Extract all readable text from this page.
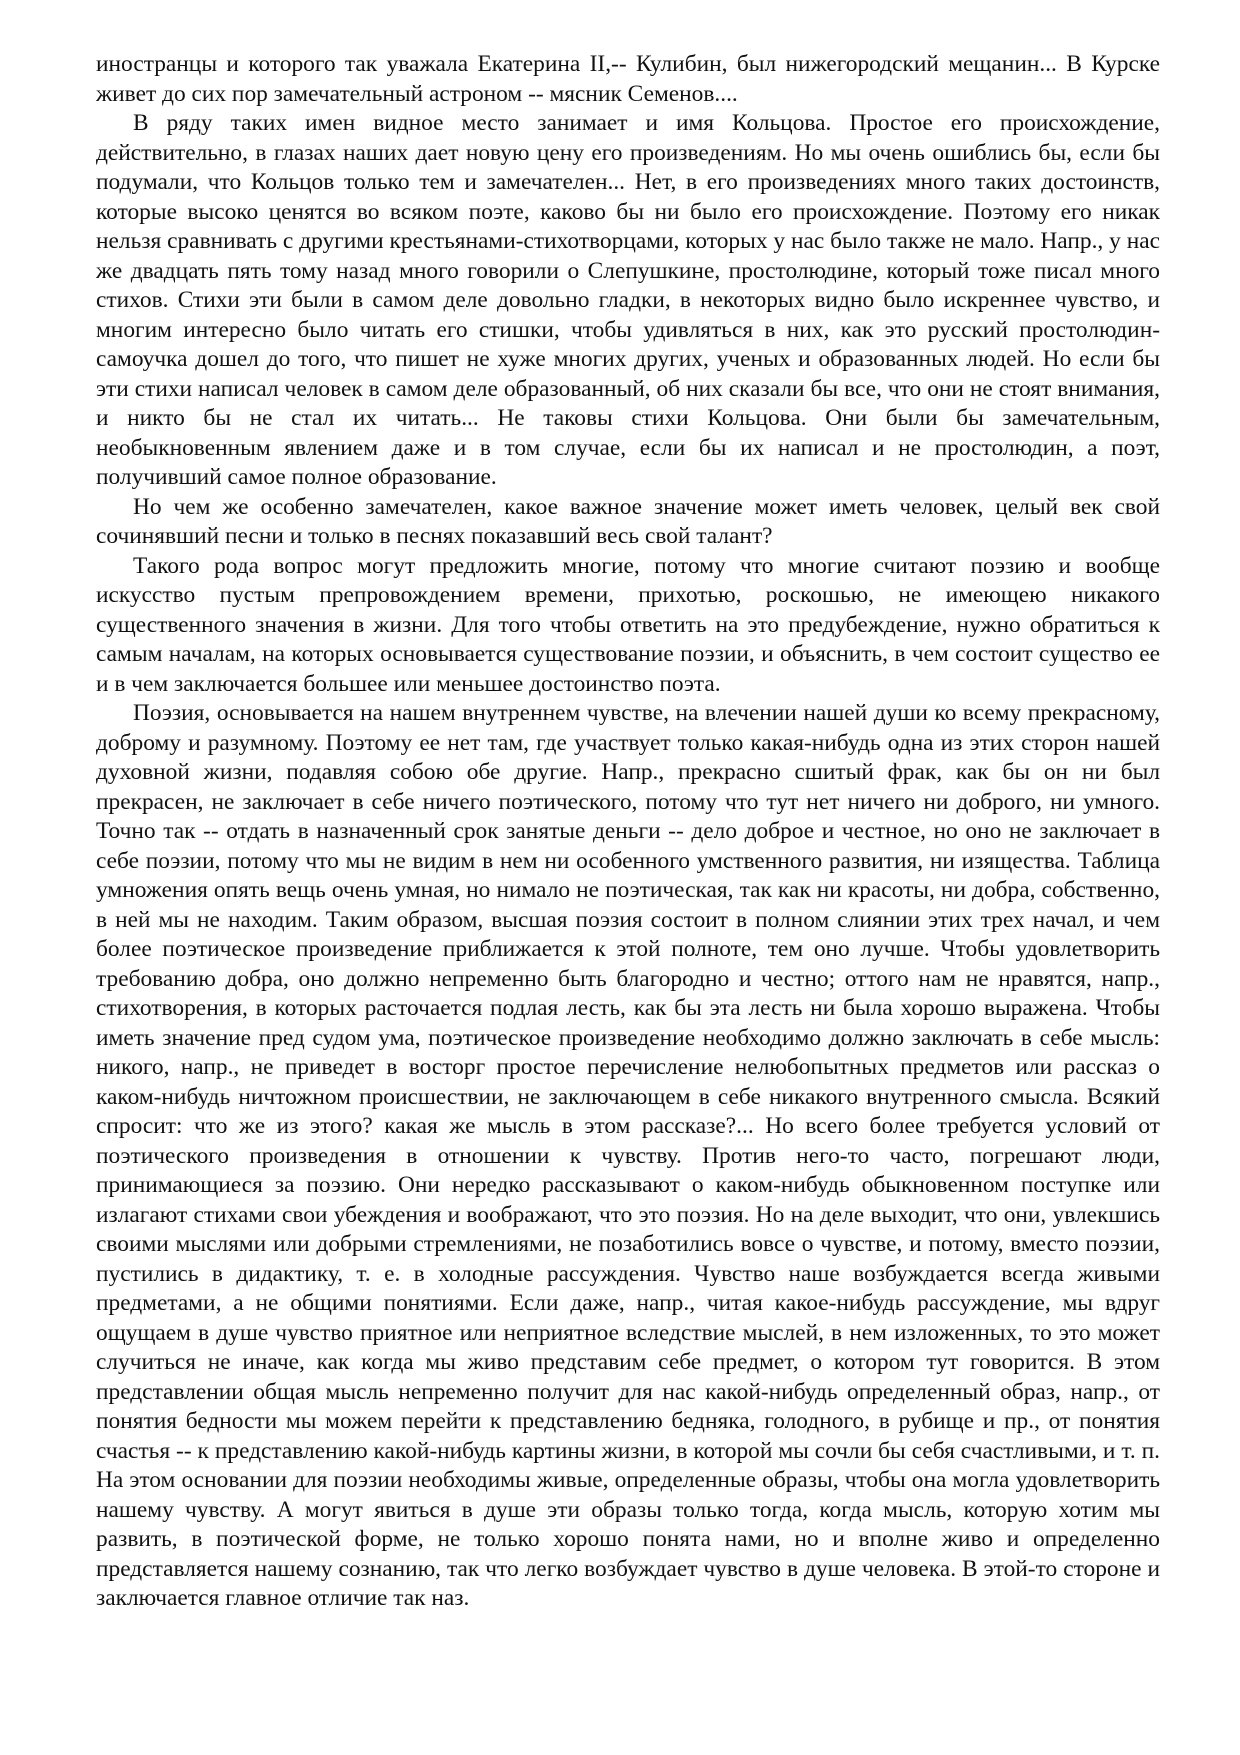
иностранцы и которого так уважала Екатерина II,-- Кулибин, был нижегородский мещанин... В Курске живет до сих пор замечательный астроном -- мясник Семенов....

В ряду таких имен видное место занимает и имя Кольцова. Простое его происхождение, действительно, в глазах наших дает новую цену его произведениям. Но мы очень ошиблись бы, если бы подумали, что Кольцов только тем и замечателен... Нет, в его произведениях много таких достоинств, которые высоко ценятся во всяком поэте, каково бы ни было его происхождение. Поэтому его никак нельзя сравнивать с другими крестьянами-стихотворцами, которых у нас было также не мало. Напр., у нас же двадцать пять тому назад много говорили о Слепушкине, простолюдине, который тоже писал много стихов. Стихи эти были в самом деле довольно гладки, в некоторых видно было искреннее чувство, и многим интересно было читать его стишки, чтобы удивляться в них, как это русский простолюдин-самоучка дошел до того, что пишет не хуже многих других, ученых и образованных людей. Но если бы эти стихи написал человек в самом деле образованный, об них сказали бы все, что они не стоят внимания, и никто бы не стал их читать... Не таковы стихи Кольцова. Они были бы замечательным, необыкновенным явлением даже и в том случае, если бы их написал и не простолюдин, а поэт, получивший самое полное образование.

Но чем же особенно замечателен, какое важное значение может иметь человек, целый век свой сочинявший песни и только в песнях показавший весь свой талант?

Такого рода вопрос могут предложить многие, потому что многие считают поэзию и вообще искусство пустым препровождением времени, прихотью, роскошью, не имеющею никакого существенного значения в жизни. Для того чтобы ответить на это предубеждение, нужно обратиться к самым началам, на которых основывается существование поэзии, и объяснить, в чем состоит существо ее и в чем заключается большее или меньшее достоинство поэта.

Поэзия, основывается на нашем внутреннем чувстве, на влечении нашей души ко всему прекрасному, доброму и разумному. Поэтому ее нет там, где участвует только какая-нибудь одна из этих сторон нашей духовной жизни, подавляя собою обе другие. Напр., прекрасно сшитый фрак, как бы он ни был прекрасен, не заключает в себе ничего поэтического, потому что тут нет ничего ни доброго, ни умного. Точно так -- отдать в назначенный срок занятые деньги -- дело доброе и честное, но оно не заключает в себе поэзии, потому что мы не видим в нем ни особенного умственного развития, ни изящества. Таблица умножения опять вещь очень умная, но нимало не поэтическая, так как ни красоты, ни добра, собственно, в ней мы не находим. Таким образом, высшая поэзия состоит в полном слиянии этих трех начал, и чем более поэтическое произведение приближается к этой полноте, тем оно лучше. Чтобы удовлетворить требованию добра, оно должно непременно быть благородно и честно; оттого нам не нравятся, напр., стихотворения, в которых расточается подлая лесть, как бы эта лесть ни была хорошо выражена. Чтобы иметь значение пред судом ума, поэтическое произведение необходимо должно заключать в себе мысль: никого, напр., не приведет в восторг простое перечисление нелюбопытных предметов или рассказ о каком-нибудь ничтожном происшествии, не заключающем в себе никакого внутренного смысла. Всякий спросит: что же из этого? какая же мысль в этом рассказе?... Но всего более требуется условий от поэтического произведения в отношении к чувству. Против него-то часто, погрешают люди, принимающиеся за поэзию. Они нередко рассказывают о каком-нибудь обыкновенном поступке или излагают стихами свои убеждения и воображают, что это поэзия. Но на деле выходит, что они, увлекшись своими мыслями или добрыми стремлениями, не позаботились вовсе о чувстве, и потому, вместо поэзии, пустились в дидактику, т. е. в холодные рассуждения. Чувство наше возбуждается всегда живыми предметами, а не общими понятиями. Если даже, напр., читая какое-нибудь рассуждение, мы вдруг ощущаем в душе чувство приятное или неприятное вследствие мыслей, в нем изложенных, то это может случиться не иначе, как когда мы живо представим себе предмет, о котором тут говорится. В этом представлении общая мысль непременно получит для нас какой-нибудь определенный образ, напр., от понятия бедности мы можем перейти к представлению бедняка, голодного, в рубище и пр., от понятия счастья -- к представлению какой-нибудь картины жизни, в которой мы сочли бы себя счастливыми, и т. п. На этом основании для поэзии необходимы живые, определенные образы, чтобы она могла удовлетворить нашему чувству. А могут явиться в душе эти образы только тогда, когда мысль, которую хотим мы развить, в поэтической форме, не только хорошо понята нами, но и вполне живо и определенно представляется нашему сознанию, так что легко возбуждает чувство в душе человека. В этой-то стороне и заключается главное отличие так наз.
